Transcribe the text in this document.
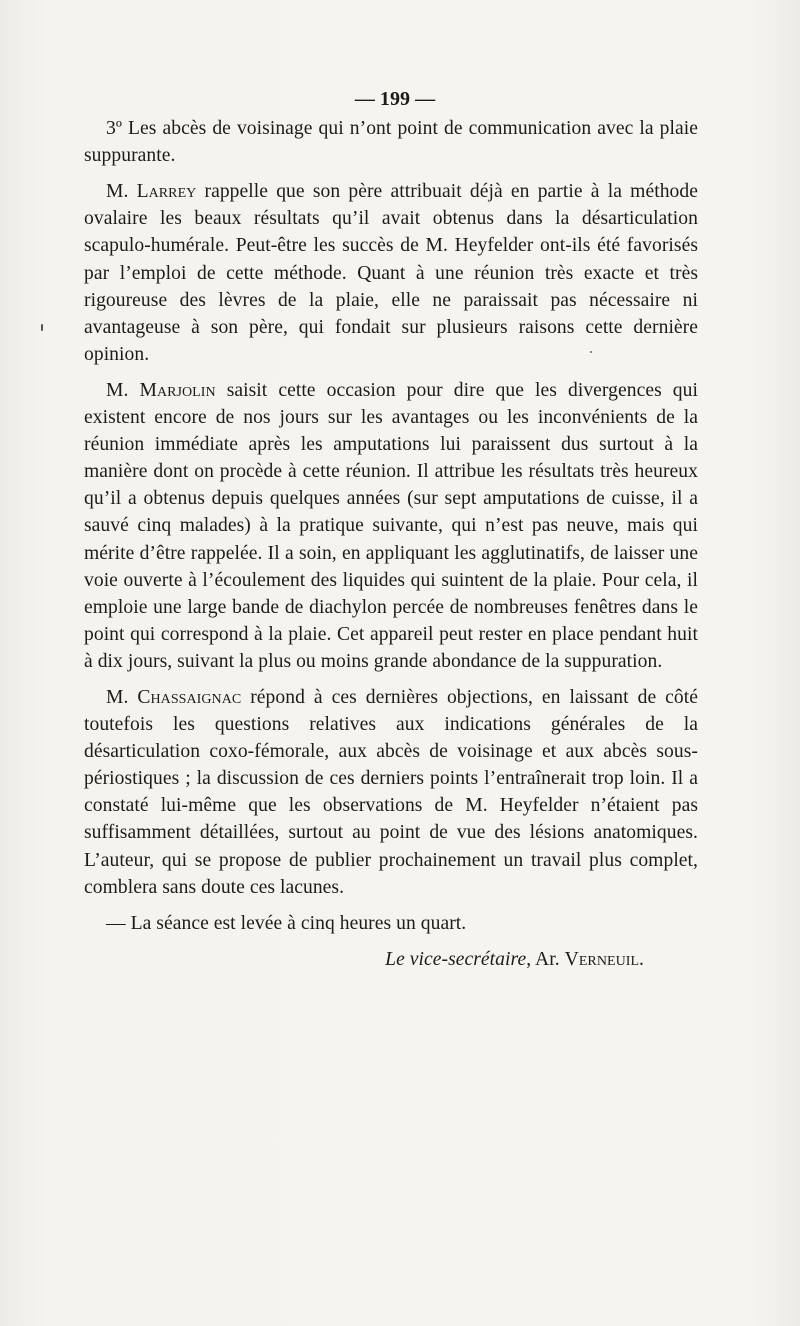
— 199 —

3º Les abcès de voisinage qui n’ont point de communication avec la plaie suppurante.

M. Larrey rappelle que son père attribuait déjà en partie à la méthode ovalaire les beaux résultats qu’il avait obtenus dans la désarticulation scapulo-humérale. Peut-être les succès de M. Heyfelder ont-ils été favorisés par l’emploi de cette méthode. Quant à une réunion très exacte et très rigoureuse des lèvres de la plaie, elle ne paraissait pas nécessaire ni avantageuse à son père, qui fondait sur plusieurs raisons cette dernière opinion.

M. Marjolin saisit cette occasion pour dire que les divergences qui existent encore de nos jours sur les avantages ou les inconvénients de la réunion immédiate après les amputations lui paraissent dus surtout à la manière dont on procède à cette réunion. Il attribue les résultats très heureux qu’il a obtenus depuis quelques années (sur sept amputations de cuisse, il a sauvé cinq malades) à la pratique suivante, qui n’est pas neuve, mais qui mérite d’être rappelée. Il a soin, en appliquant les agglutinatifs, de laisser une voie ouverte à l’écoulement des liquides qui suintent de la plaie. Pour cela, il emploie une large bande de diachylon percée de nombreuses fenêtres dans le point qui correspond à la plaie. Cet appareil peut rester en place pendant huit à dix jours, suivant la plus ou moins grande abondance de la suppuration.

M. Chassaignac répond à ces dernières objections, en laissant de côté toutefois les questions relatives aux indications générales de la désarticulation coxo-fémorale, aux abcès de voisinage et aux abcès sous-périostiques ; la discussion de ces derniers points l’entraînerait trop loin. Il a constaté lui-même que les observations de M. Heyfelder n’étaient pas suffisamment détaillées, surtout au point de vue des lésions anatomiques. L’auteur, qui se propose de publier prochainement un travail plus complet, comblera sans doute ces lacunes.

— La séance est levée à cinq heures un quart.

Le vice-secrétaire, Ar. Verneuil.
